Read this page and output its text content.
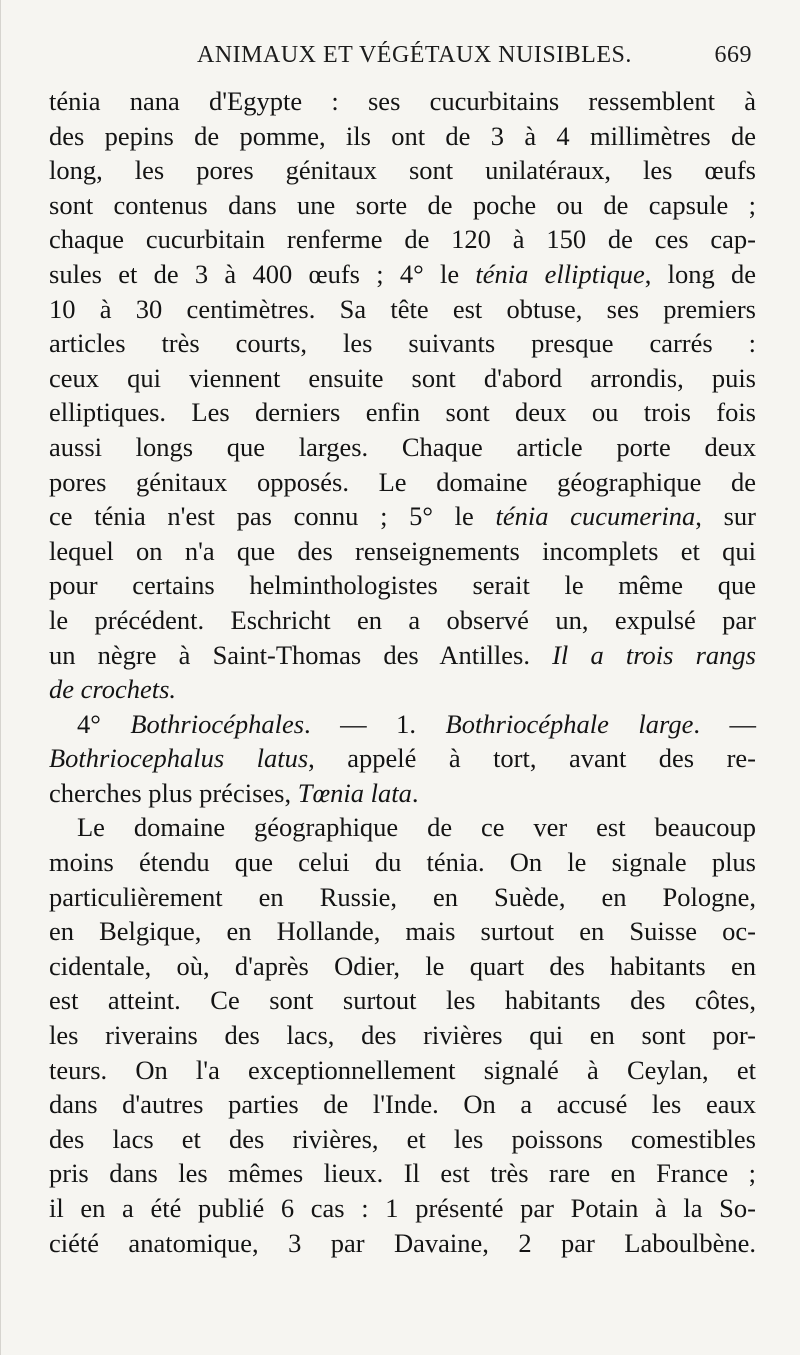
ANIMAUX ET VÉGÉTAUX NUISIBLES.	669
ténia nana d'Egypte : ses cucurbitains ressemblent à
des pepins de pomme, ils ont de 3 à 4 millimètres de
long, les pores génitaux sont unilatéraux, les œufs
sont contenus dans une sorte de poche ou de capsule ;
chaque cucurbitain renferme de 120 à 150 de ces cap-
sules et de 3 à 400 œufs ; 4° le ténia elliptique, long de
10 à 30 centimètres. Sa tête est obtuse, ses premiers
articles très courts, les suivants presque carrés :
ceux qui viennent ensuite sont d'abord arrondis, puis
elliptiques. Les derniers enfin sont deux ou trois fois
aussi longs que larges. Chaque article porte deux
pores génitaux opposés. Le domaine géographique de
ce ténia n'est pas connu ; 5° le ténia cucumerina, sur
lequel on n'a que des renseignements incomplets et qui
pour certains helminthologistes serait le même que
le précédent. Eschricht en a observé un, expulsé par
un nègre à Saint-Thomas des Antilles. Il a trois rangs
de crochets.
4° Bothriocéphales. — 1. Bothriocéphale large. —
Bothriocephalus latus, appelé à tort, avant des re-
cherches plus précises, Tœnia lata.
Le domaine géographique de ce ver est beaucoup
moins étendu que celui du ténia. On le signale plus
particulièrement en Russie, en Suède, en Pologne,
en Belgique, en Hollande, mais surtout en Suisse oc-
cidentale, où, d'après Odier, le quart des habitants en
est atteint. Ce sont surtout les habitants des côtes,
les riverains des lacs, des rivières qui en sont por-
teurs. On l'a exceptionnellement signalé à Ceylan, et
dans d'autres parties de l'Inde. On a accusé les eaux
des lacs et des rivières, et les poissons comestibles
pris dans les mêmes lieux. Il est très rare en France ;
il en a été publié 6 cas : 1 présenté par Potain à la So-
ciété anatomique, 3 par Davaine, 2 par Laboulbène.
